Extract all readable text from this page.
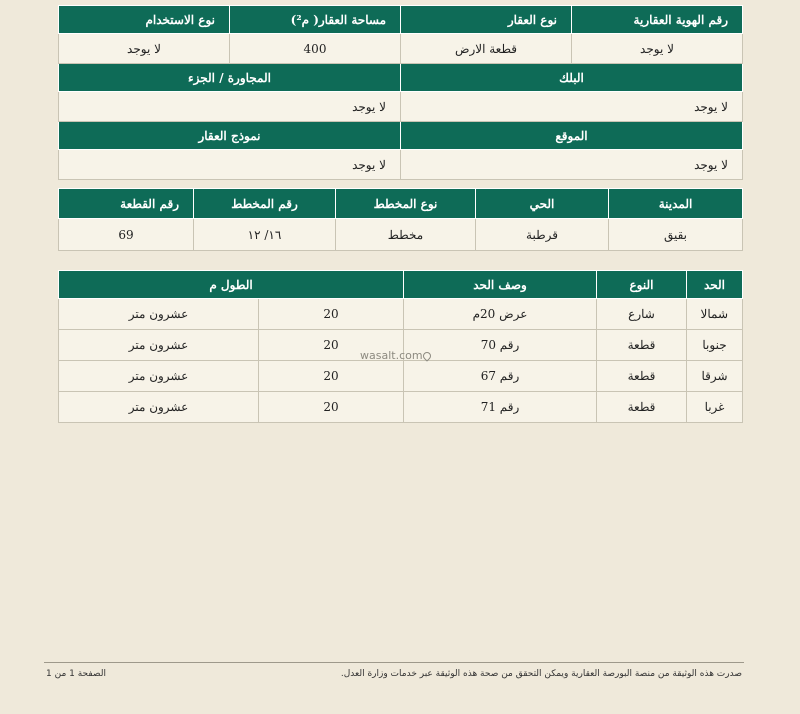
رقم الهوية العقارية	نوع العقار	مساحة العقار( م²)	نوع الاستخدام
لا يوجد	قطعة الارض	400	لا يوجد
البلك		المجاورة / الجزء	
لا يوجد		لا يوجد	
الموقع		نموذج العقار	
لا يوجد		لا يوجد	
المدينة	الحي	نوع المخطط	رقم المخطط	رقم القطعة
بقيق	قرطبة	مخطط	١٦/ ١٢	69
الحد	النوع	وصف الحد	الطول م	
شمالا	شارع	عرض 20م	20	عشرون متر
جنوبا	قطعة	رقم 70	20	عشرون متر
شرقا	قطعة	رقم 67	20	عشرون متر
غربا	قطعة	رقم 71	20	عشرون متر
wasalt.com
صدرت هذه الوثيقة من منصة البورصة العقارية ويمكن التحقق من صحة هذه الوثيقة عبر خدمات وزارة العدل.
الصفحة 1 من 1
